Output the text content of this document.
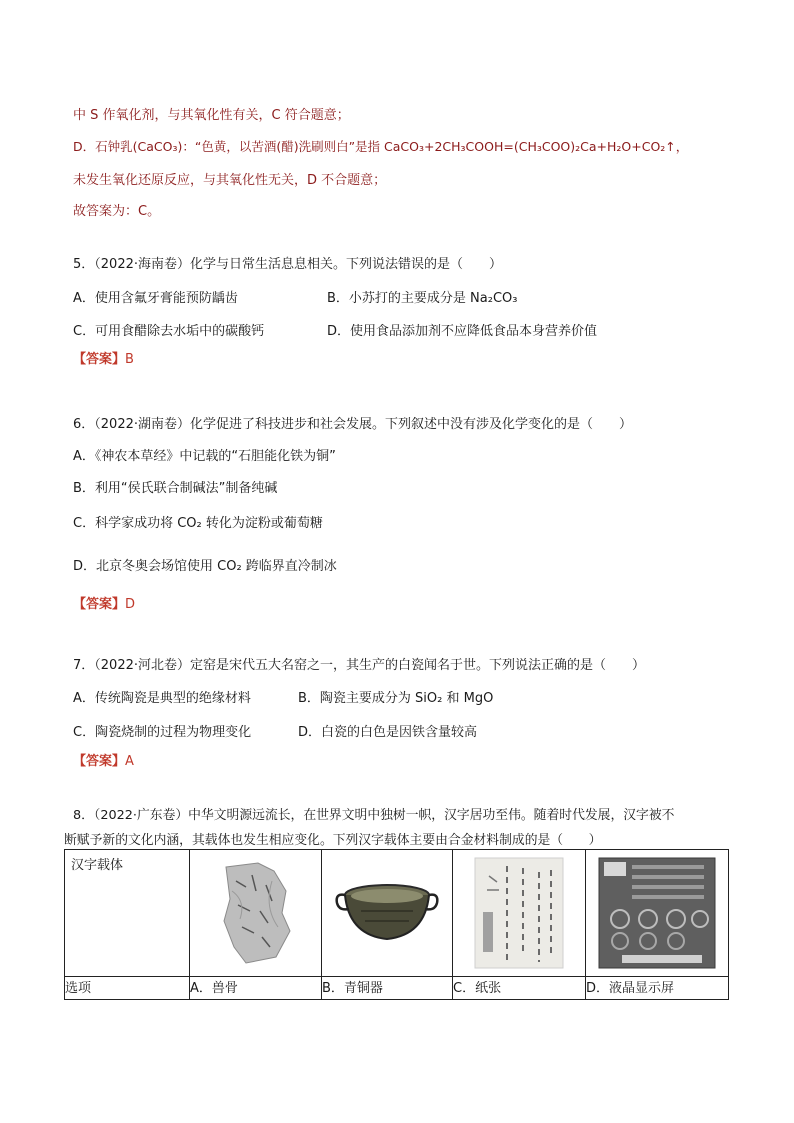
中 S 作氧化剂，与其氧化性有关，C 符合题意；
D．石钟乳(CaCO₃)：“色黄，以苦酒(醋)洗刷则白”是指 CaCO₃+2CH₃COOH=(CH₃COO)₂Ca+H₂O+CO₂↑，
未发生氧化还原反应，与其氧化性无关，D 不合题意；
故答案为：C。
5．（2022·海南卷）化学与日常生活息息相关。下列说法错误的是（　　）
A．使用含氟牙膏能预防龋齿	B．小苏打的主要成分是 Na₂CO₃
C．可用食醋除去水垢中的碳酸钙	D．使用食品添加剂不应降低食品本身营养价值
【答案】B
6．（2022·湖南卷）化学促进了科技进步和社会发展。下列叙述中没有涉及化学变化的是（　　）
A．《神农本草经》中记载的“石胆能化铁为铜”
B．利用“侯氏联合制碱法”制备纯碱
C．科学家成功将 CO₂ 转化为淀粉或葡萄糖
D．北京冬奥会场馆使用 CO₂ 跨临界直冷制冰
【答案】D
7．（2022·河北卷）定窑是宋代五大名窑之一，其生产的白瓷闻名于世。下列说法正确的是（　　）
A．传统陶瓷是典型的绝缘材料	B．陶瓷主要成分为 SiO₂ 和 MgO
C．陶瓷烧制的过程为物理变化	D．白瓷的白色是因铁含量较高
【答案】A
8．（2022·广东卷）中华文明源远流长，在世界文明中独树一帜，汉字居功至伟。随着时代发展，汉字被不
断赋予新的文化内涵，其载体也发生相应变化。下列汉字载体主要由合金材料制成的是（　　）
汉字载体

选项	A．兽骨	B．青铜器	C．纸张	D．液晶显示屏
